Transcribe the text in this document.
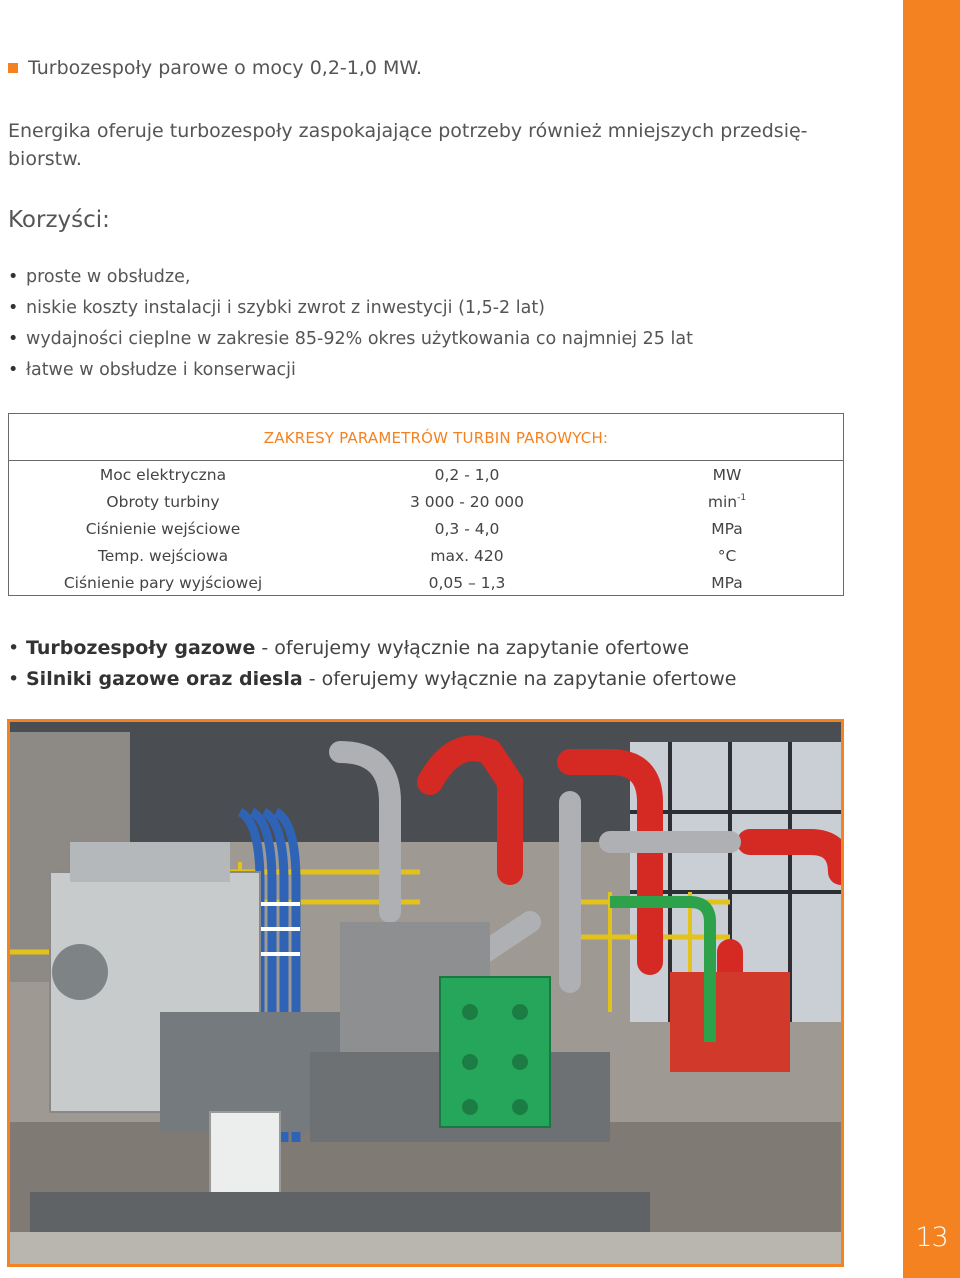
13
Turbozespoły parowe o mocy 0,2-1,0 MW.
Energika oferuje turbozespoły zaspokajające potrzeby również mniejszych przedsię-biorstw.
Korzyści:
•proste w obsłudze,
•niskie koszty instalacji i szybki zwrot z inwestycji (1,5-2 lat)
•wydajności cieplne w zakresie 85-92% okres użytkowania co najmniej 25 lat
•łatwe w obsłudze i konserwacji
ZAKRESY PARAMETRÓW TURBIN PAROWYCH:
Moc elektryczna	0,2 - 1,0	MW
Obroty turbiny	3 000 - 20 000	$\min^{-1}$
Ciśnienie wejściowe	0,3 - 4,0	MPa
Temp. wejściowa	max. 420	°C
Ciśnienie pary wyjściowej	0,05 – 1,3	MPa
•Turbozespoły gazowe - oferujemy wyłącznie na zapytanie ofertowe
•Silniki gazowe oraz diesla - oferujemy wyłącznie na zapytanie ofertowe
